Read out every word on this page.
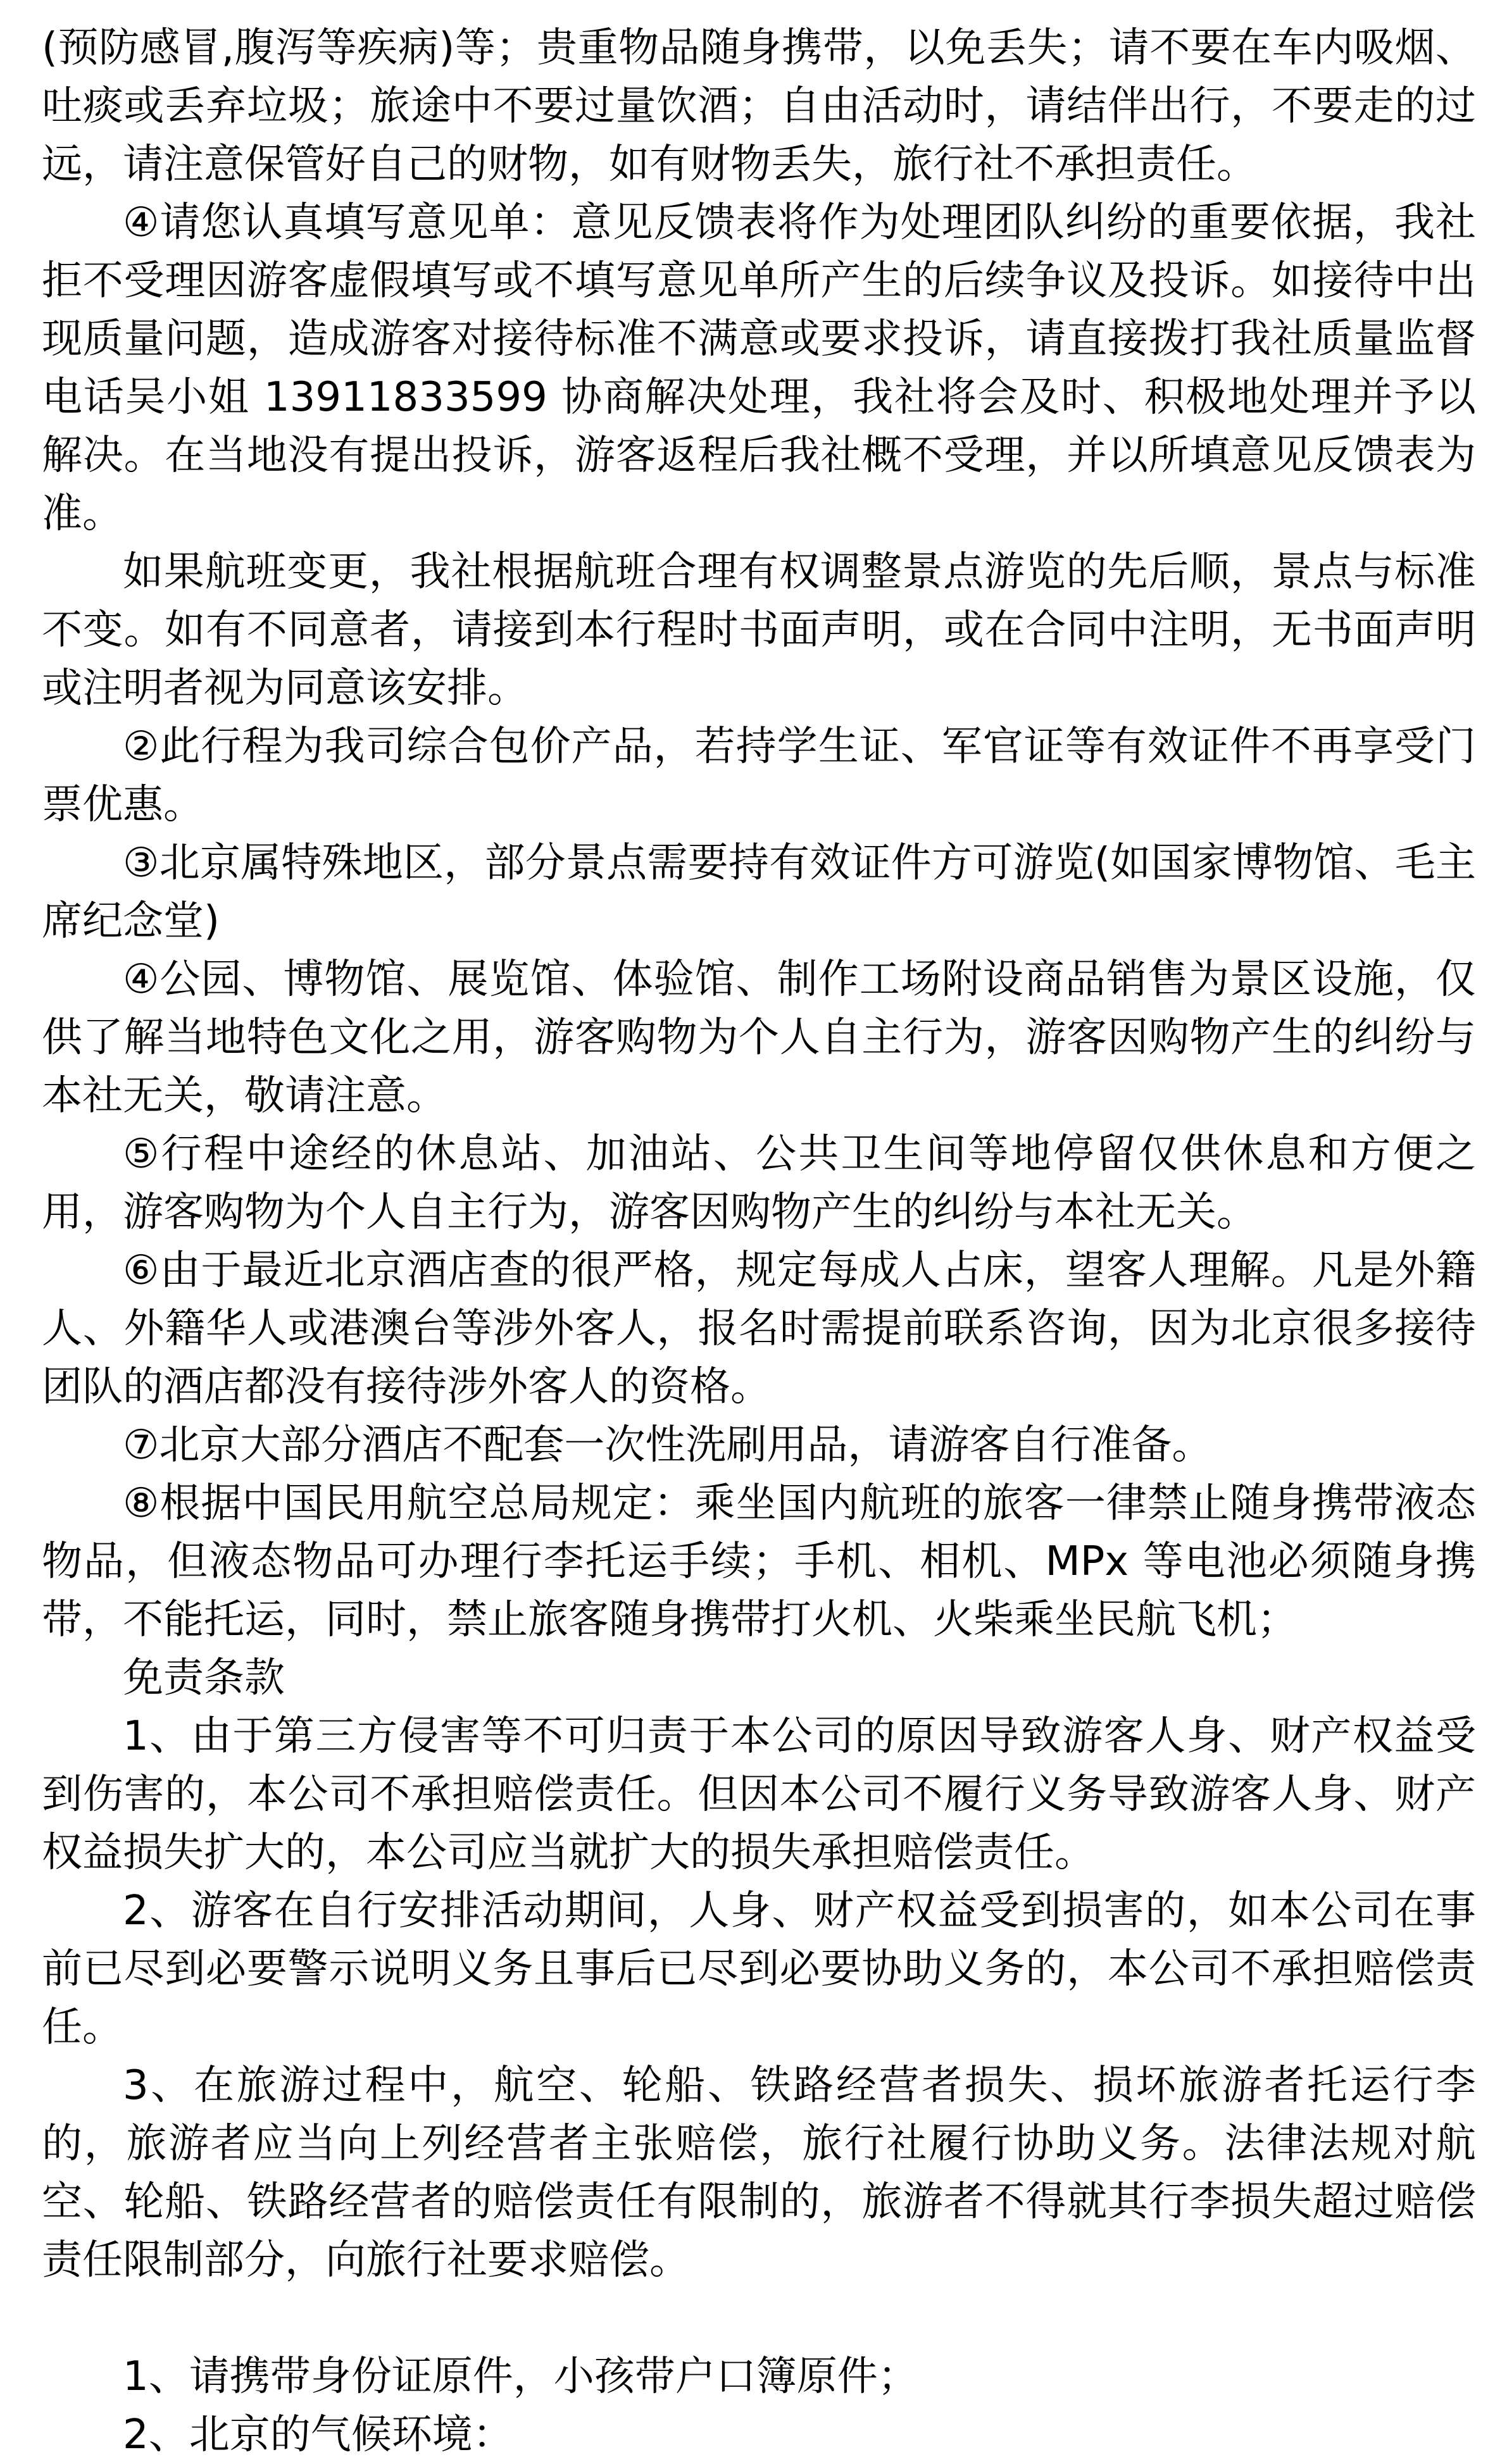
(预防感冒,腹泻等疾病)等；贵重物品随身携带，以免丢失；请不要在车内吸烟、吐痰或丢弃垃圾；旅途中不要过量饮酒；自由活动时，请结伴出行，不要走的过远，请注意保管好自己的财物，如有财物丢失，旅行社不承担责任。

④请您认真填写意见单：意见反馈表将作为处理团队纠纷的重要依据，我社拒不受理因游客虚假填写或不填写意见单所产生的后续争议及投诉。如接待中出现质量问题，造成游客对接待标准不满意或要求投诉，请直接拨打我社质量监督电话吴小姐 13911833599 协商解决处理，我社将会及时、积极地处理并予以解决。在当地没有提出投诉，游客返程后我社概不受理，并以所填意见反馈表为准。

如果航班变更，我社根据航班合理有权调整景点游览的先后顺，景点与标准不变。如有不同意者，请接到本行程时书面声明，或在合同中注明，无书面声明或注明者视为同意该安排。

②此行程为我司综合包价产品，若持学生证、军官证等有效证件不再享受门票优惠。

③北京属特殊地区，部分景点需要持有效证件方可游览(如国家博物馆、毛主席纪念堂)

④公园、博物馆、展览馆、体验馆、制作工场附设商品销售为景区设施，仅供了解当地特色文化之用，游客购物为个人自主行为，游客因购物产生的纠纷与本社无关，敬请注意。

⑤行程中途经的休息站、加油站、公共卫生间等地停留仅供休息和方便之用，游客购物为个人自主行为，游客因购物产生的纠纷与本社无关。

⑥由于最近北京酒店查的很严格，规定每成人占床，望客人理解。凡是外籍人、外籍华人或港澳台等涉外客人，报名时需提前联系咨询，因为北京很多接待团队的酒店都没有接待涉外客人的资格。

⑦北京大部分酒店不配套一次性洗刷用品，请游客自行准备。

⑧根据中国民用航空总局规定：乘坐国内航班的旅客一律禁止随身携带液态物品，但液态物品可办理行李托运手续；手机、相机、MPx 等电池必须随身携带，不能托运，同时，禁止旅客随身携带打火机、火柴乘坐民航飞机；

免责条款

1、由于第三方侵害等不可归责于本公司的原因导致游客人身、财产权益受到伤害的，本公司不承担赔偿责任。但因本公司不履行义务导致游客人身、财产权益损失扩大的，本公司应当就扩大的损失承担赔偿责任。

2、游客在自行安排活动期间，人身、财产权益受到损害的，如本公司在事前已尽到必要警示说明义务且事后已尽到必要协助义务的，本公司不承担赔偿责任。

3、在旅游过程中，航空、轮船、铁路经营者损失、损坏旅游者托运行李的，旅游者应当向上列经营者主张赔偿，旅行社履行协助义务。法律法规对航空、轮船、铁路经营者的赔偿责任有限制的，旅游者不得就其行李损失超过赔偿责任限制部分，向旅行社要求赔偿。

1、请携带身份证原件，小孩带户口簿原件；

2、北京的气候环境：
